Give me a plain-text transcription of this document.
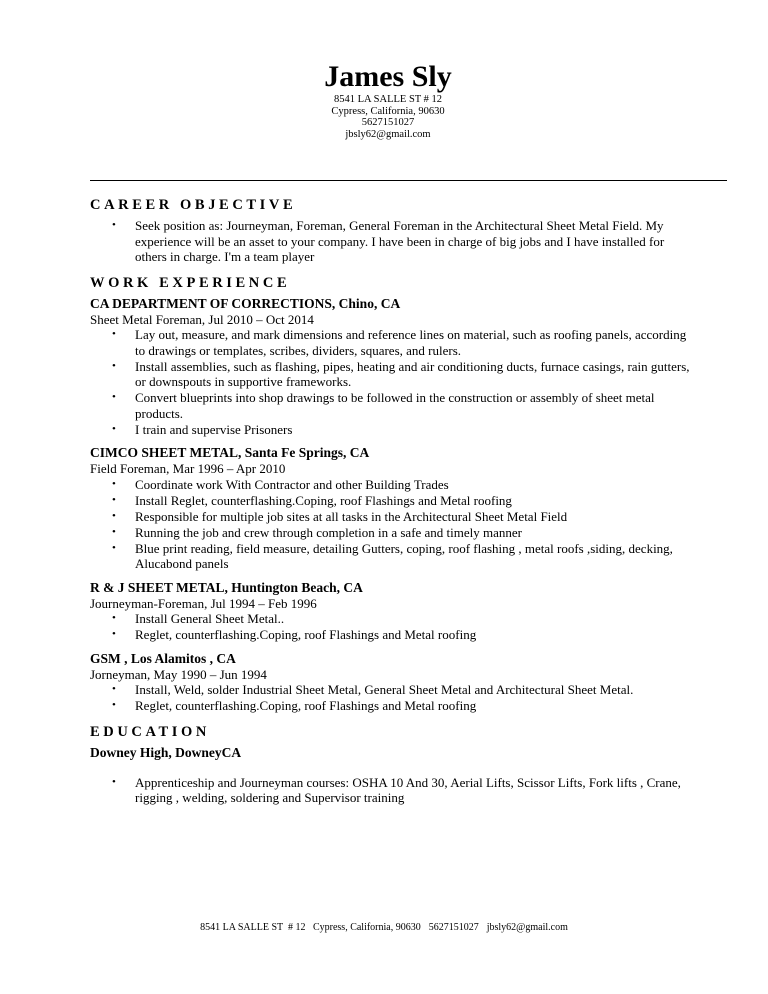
James Sly
8541 LA SALLE ST # 12
Cypress, California, 90630
5627151027
jbsly62@gmail.com
CAREER OBJECTIVE
• Seek position as: Journeyman, Foreman, General Foreman in the Architectural Sheet Metal Field. My experience will be an asset to your company. I have been in charge of big jobs and I have installed for others in charge. I'm a team player
WORK EXPERIENCE
CA DEPARTMENT OF CORRECTIONS, Chino, CA
Sheet Metal Foreman, Jul 2010 – Oct 2014
• Lay out, measure, and mark dimensions and reference lines on material, such as roofing panels, according to drawings or templates, scribes, dividers, squares, and rulers.
• Install assemblies, such as flashing, pipes, heating and air conditioning ducts, furnace casings, rain gutters, or downspouts in supportive frameworks.
• Convert blueprints into shop drawings to be followed in the construction or assembly of sheet metal products.
• I train and supervise Prisoners
CIMCO SHEET METAL, Santa Fe Springs, CA
Field Foreman, Mar 1996 – Apr 2010
• Coordinate work With Contractor and other Building Trades
• Install Reglet, counterflashing.Coping, roof Flashings and Metal roofing
• Responsible for multiple job sites at all tasks in the Architectural Sheet Metal Field
• Running the job and crew through completion in a safe and timely manner
• Blue print reading, field measure, detailing Gutters, coping, roof flashing , metal roofs ,siding, decking, Alucabond panels
R & J SHEET METAL, Huntington Beach, CA
Journeyman-Foreman, Jul 1994 – Feb 1996
• Install General Sheet Metal..
• Reglet, counterflashing.Coping, roof Flashings and Metal roofing
GSM , Los Alamitos , CA
Jorneyman, May 1990 – Jun 1994
• Install, Weld, solder Industrial Sheet Metal, General Sheet Metal and Architectural Sheet Metal.
• Reglet, counterflashing.Coping, roof Flashings and Metal roofing
EDUCATION
Downey High, DowneyCA
• Apprenticeship and Journeyman courses: OSHA 10 And 30, Aerial Lifts, Scissor Lifts, Fork lifts , Crane, rigging , welding, soldering and Supervisor training
8541 LA SALLE ST  # 12   Cypress, California, 90630 5627151027 jbsly62@gmail.com
